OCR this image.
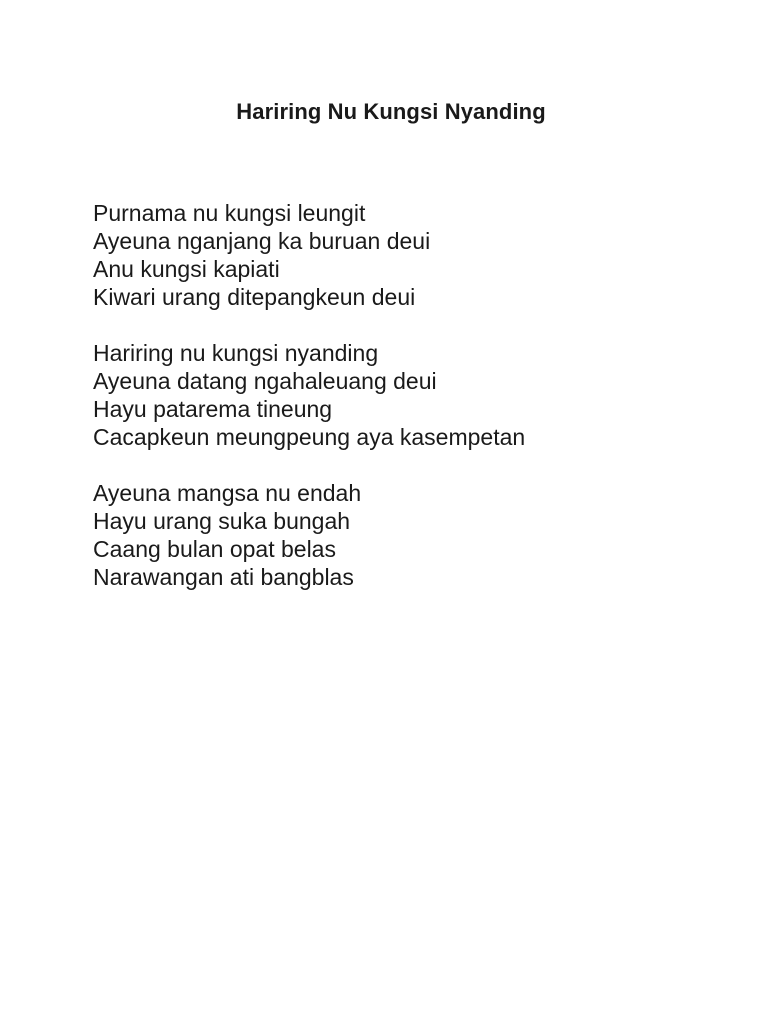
Hariring Nu Kungsi Nyanding
Purnama nu kungsi leungit
Ayeuna nganjang ka buruan deui
Anu kungsi kapiati
Kiwari urang ditepangkeun deui
Hariring nu kungsi nyanding
Ayeuna datang ngahaleuang deui
Hayu patarema tineung
Cacapkeun meungpeung aya kasempetan
Ayeuna mangsa nu endah
Hayu urang suka bungah
Caang bulan opat belas
Narawangan ati bangblas
